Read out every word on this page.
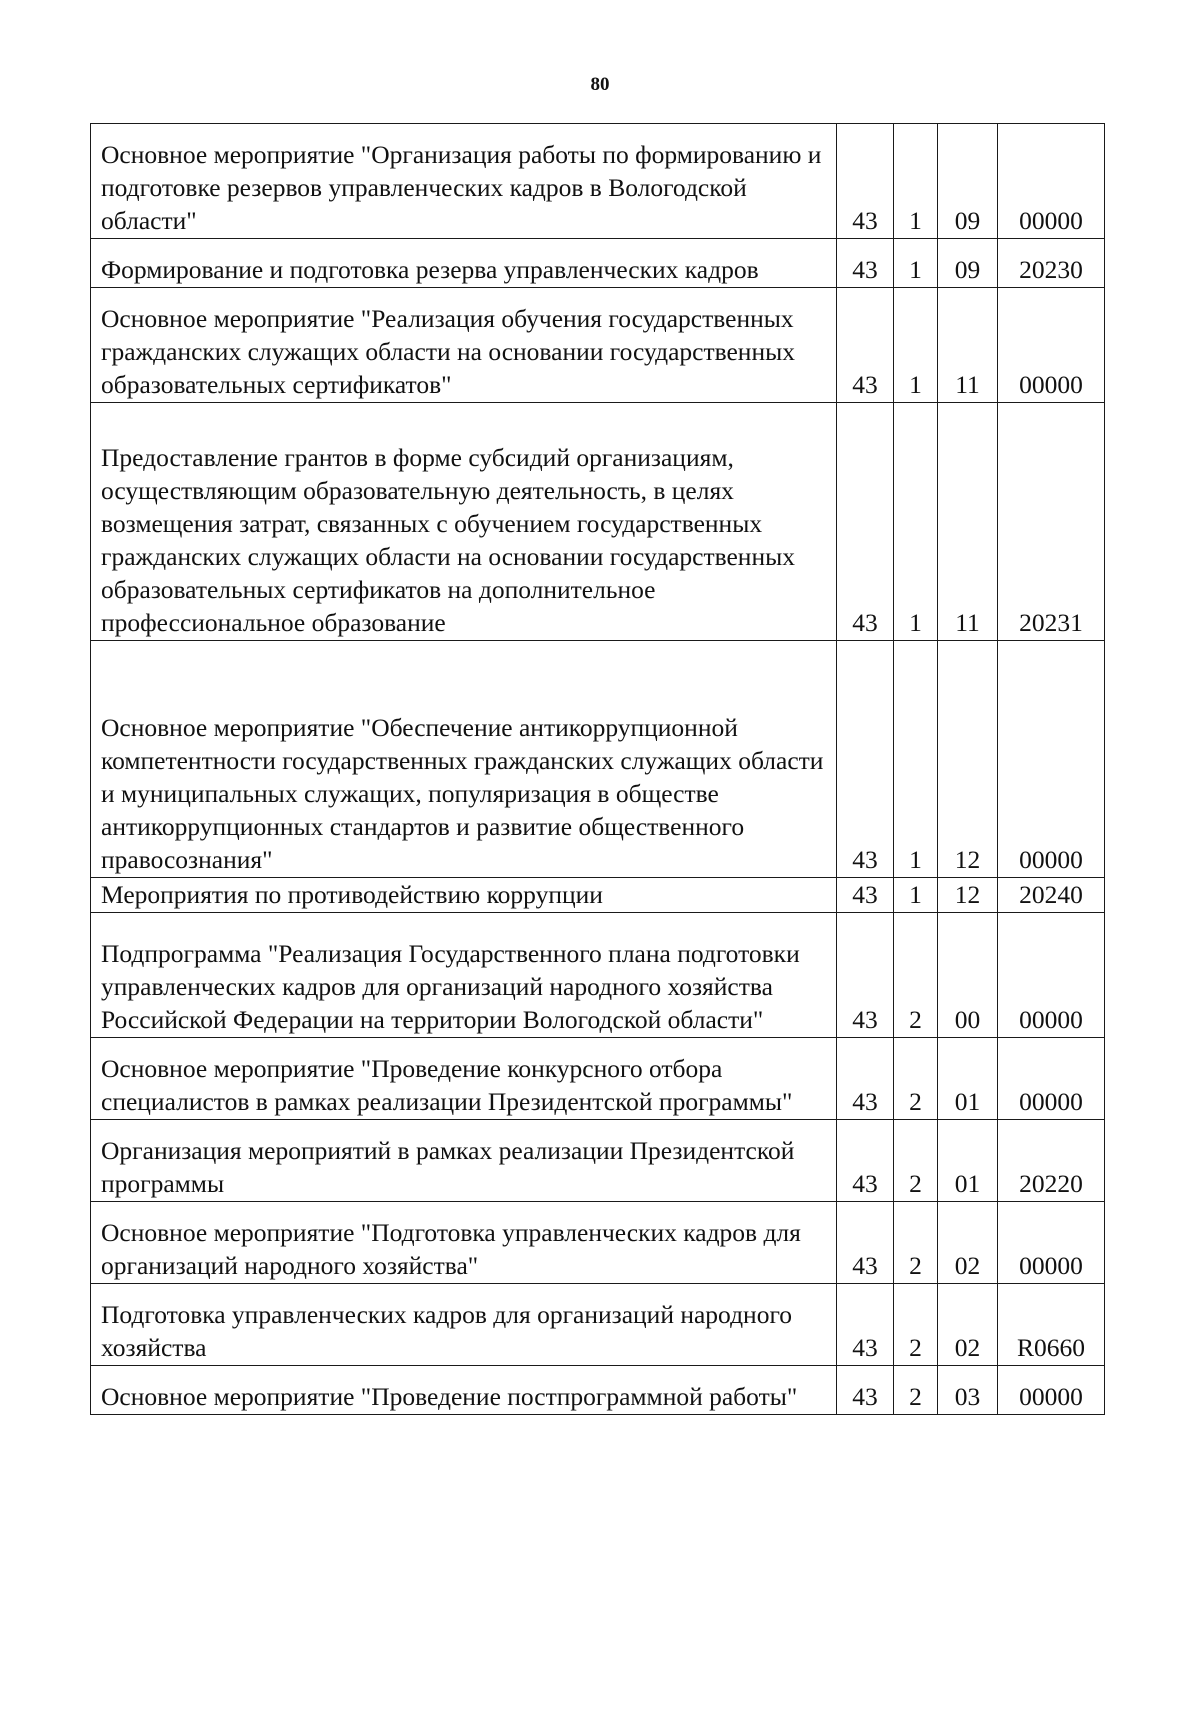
80
Основное мероприятие "Организация работы по формированию и подготовке резервов управленческих кадров в Вологодской области"	43	1	09	00000
Формирование и подготовка резерва управленческих кадров	43	1	09	20230
Основное мероприятие "Реализация обучения государственных гражданских служащих области на основании государственных образовательных сертификатов"	43	1	11	00000
Предоставление грантов в форме субсидий организациям, осуществляющим образовательную деятельность, в целях возмещения затрат, связанных с обучением государственных гражданских служащих области на основании государственных образовательных сертификатов на дополнительное профессиональное образование	43	1	11	20231
Основное мероприятие "Обеспечение антикоррупционной компетентности государственных гражданских служащих области и муниципальных служащих, популяризация в обществе антикоррупционных стандартов и развитие общественного правосознания"	43	1	12	00000
Мероприятия по противодействию коррупции	43	1	12	20240
Подпрограмма "Реализация Государственного плана подготовки управленческих кадров для организаций народного хозяйства Российской Федерации на территории Вологодской области"	43	2	00	00000
Основное мероприятие "Проведение конкурсного отбора специалистов в рамках реализации Президентской программы"	43	2	01	00000
Организация мероприятий в рамках реализации Президентской программы	43	2	01	20220
Основное мероприятие "Подготовка управленческих кадров для организаций народного хозяйства"	43	2	02	00000
Подготовка управленческих кадров для организаций народного хозяйства	43	2	02	R0660
Основное мероприятие "Проведение постпрограммной работы"	43	2	03	00000
